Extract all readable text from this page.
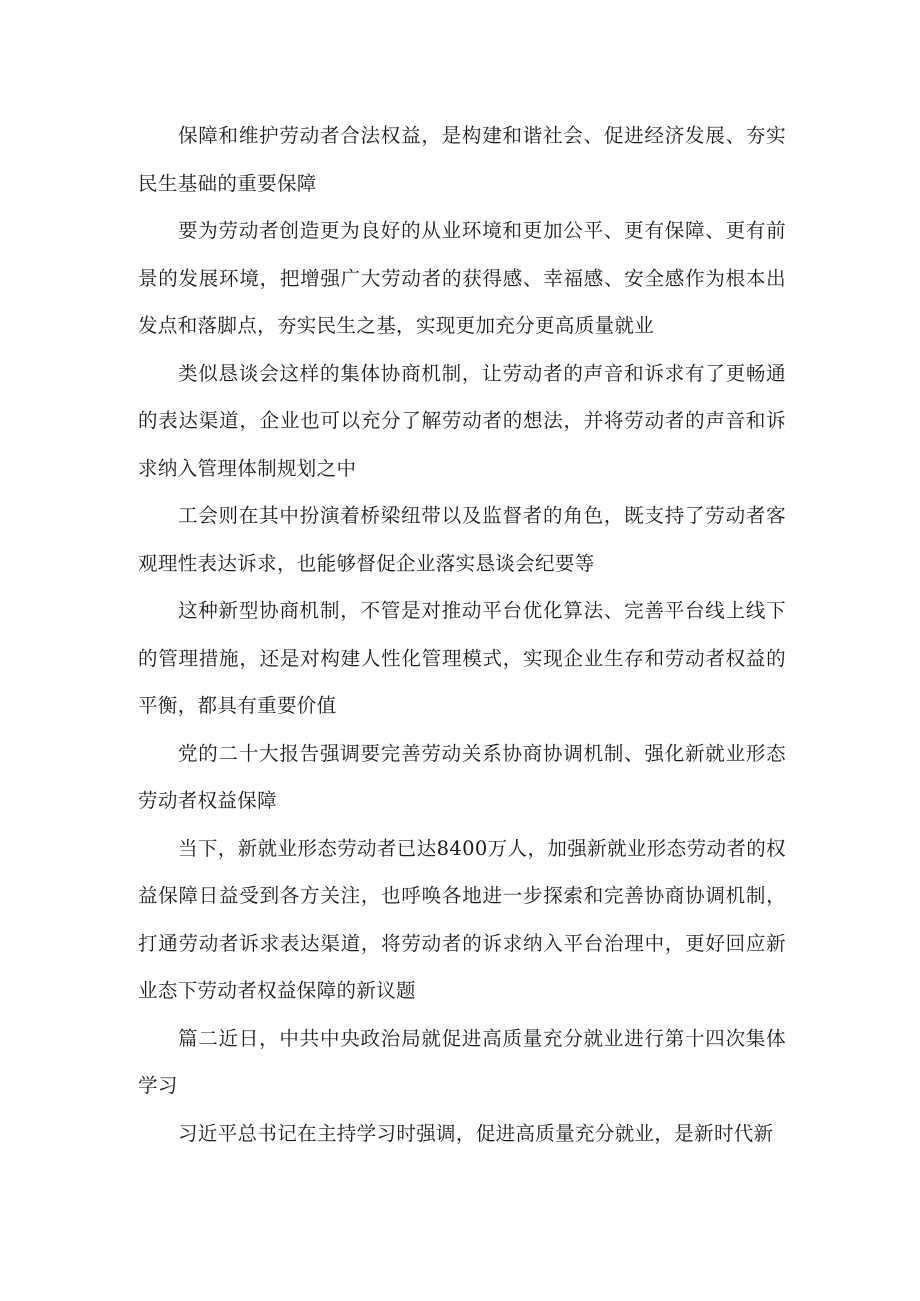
保障和维护劳动者合法权益，是构建和谐社会、促进经济发展、夯实民生基础的重要保障

要为劳动者创造更为良好的从业环境和更加公平、更有保障、更有前景的发展环境，把增强广大劳动者的获得感、幸福感、安全感作为根本出发点和落脚点，夯实民生之基，实现更加充分更高质量就业

类似恳谈会这样的集体协商机制，让劳动者的声音和诉求有了更畅通的表达渠道，企业也可以充分了解劳动者的想法，并将劳动者的声音和诉求纳入管理体制规划之中

工会则在其中扮演着桥梁纽带以及监督者的角色，既支持了劳动者客观理性表达诉求，也能够督促企业落实恳谈会纪要等

这种新型协商机制，不管是对推动平台优化算法、完善平台线上线下的管理措施，还是对构建人性化管理模式，实现企业生存和劳动者权益的平衡，都具有重要价值

党的二十大报告强调要完善劳动关系协商协调机制、强化新就业形态劳动者权益保障

当下，新就业形态劳动者已达8400万人，加强新就业形态劳动者的权益保障日益受到各方关注，也呼唤各地进一步探索和完善协商协调机制，打通劳动者诉求表达渠道，将劳动者的诉求纳入平台治理中，更好回应新业态下劳动者权益保障的新议题

篇二近日，中共中央政治局就促进高质量充分就业进行第十四次集体学习

习近平总书记在主持学习时强调，促进高质量充分就业，是新时代新
